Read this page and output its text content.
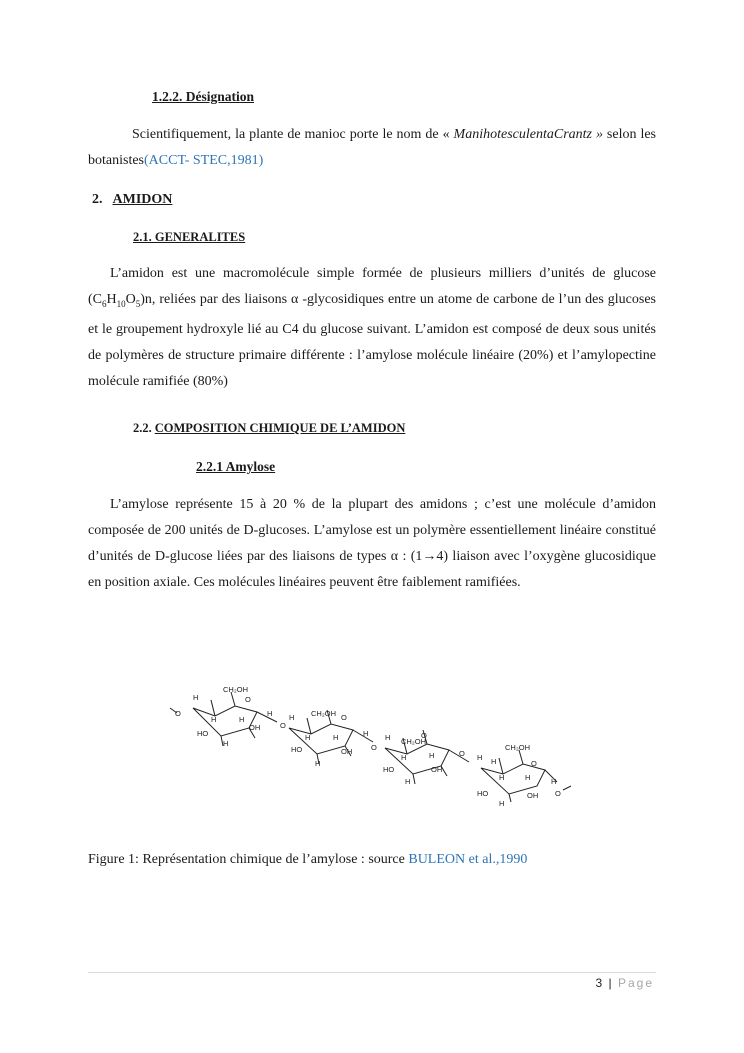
1.2.2. Désignation
Scientifiquement, la plante de manioc porte le nom de « ManihotesculentaCrantz » selon les botanistes(ACCT- STEC,1981)
2. AMIDON
2.1. GENERALITES
L’amidon est une macromolécule simple formée de plusieurs milliers d’unités de glucose $(C_6H_{10}O_5)n$, reliées par des liaisons α -glycosidiques entre un atome de carbone de l’un des glucoses et le groupement hydroxyle lié au C4 du glucose suivant. L’amidon est composé de deux sous unités de polymères de structure primaire différente : l’amylose molécule linéaire (20%) et l’amylopectine molécule ramifiée (80%)
2.2. COMPOSITION CHIMIQUE DE L’AMIDON
2.2.1 Amylose
L’amylose représente 15 à 20 % de la plupart des amidons ; c’est une molécule d’amidon composée de 200 unités de D-glucoses. L’amylose est un polymère essentiellement linéaire constitué d’unités de D-glucose liées par des liaisons de types α : (1→4) liaison avec l’oxygène glucosidique en position axiale. Ces molécules linéaires peuvent être faiblement ramifiées.
H
CH₂OH
O
O
H
HO
H
OH
H
H
O
H CH₂OH O
H
HO
H
OH
H	H
O
H CH₂OH
O
H
HO
H
OH
H	O H H
CH₂OH
O
H
HO
H
OH
H	H
O
Figure 1: Représentation chimique de l’amylose : source BULEON et al.,1990
3 | Page
